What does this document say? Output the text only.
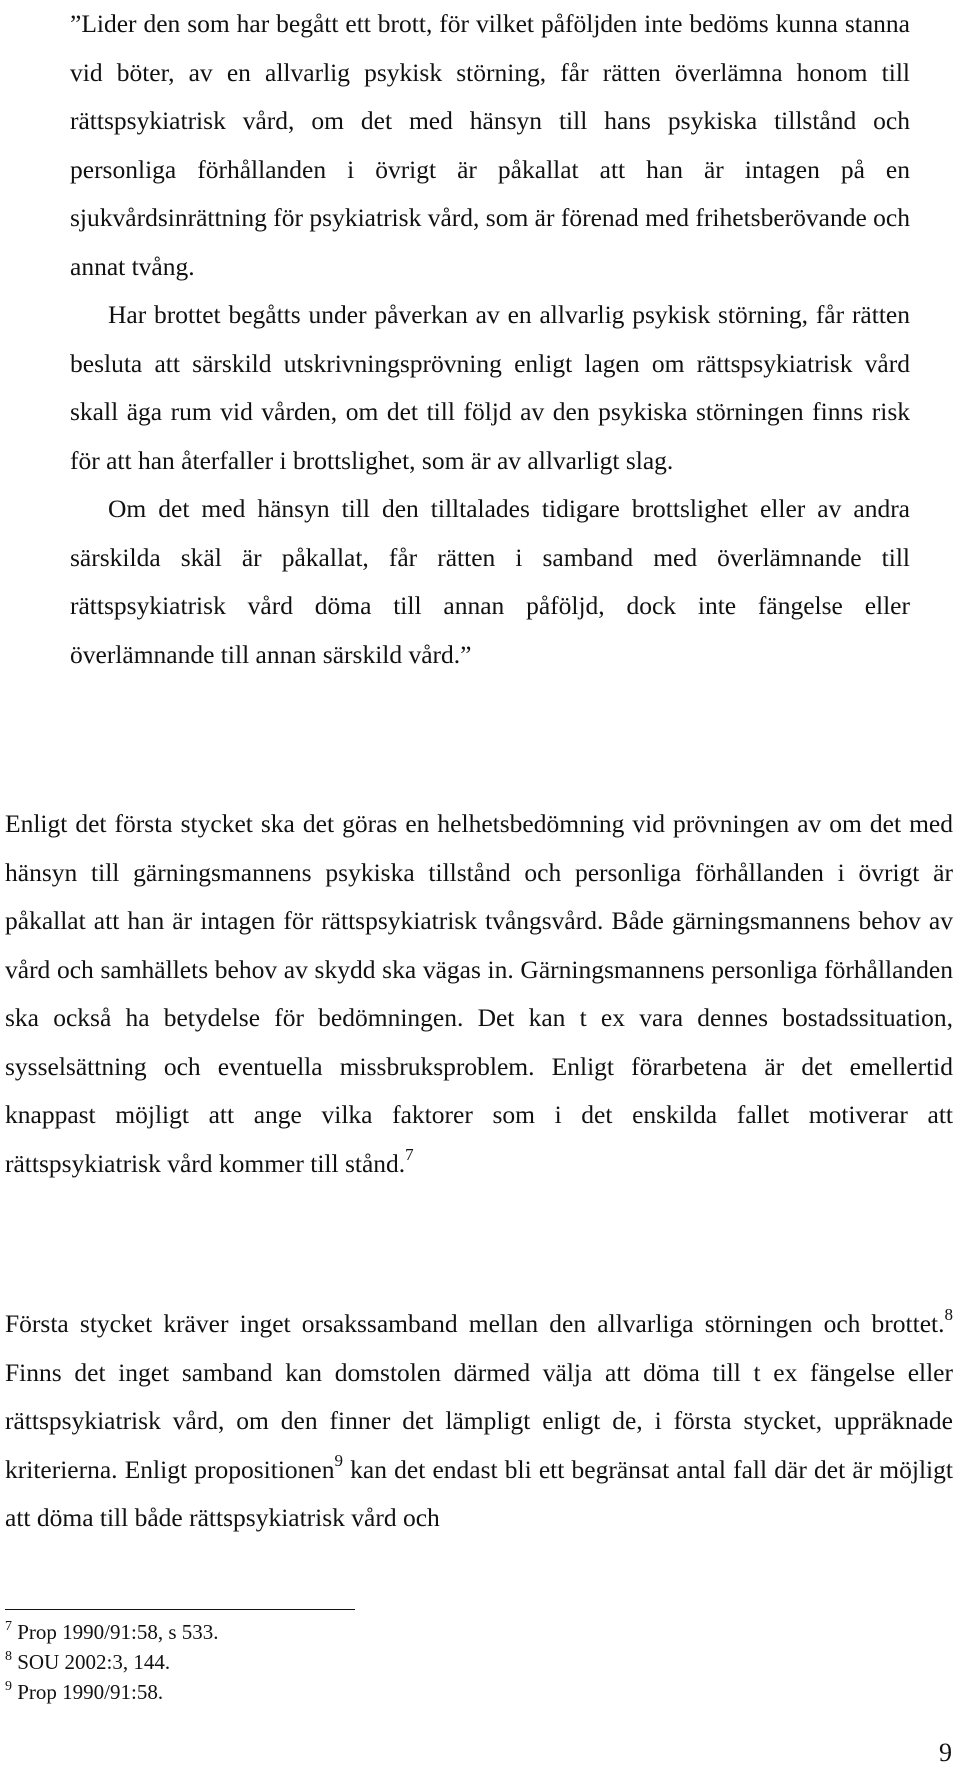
”Lider den som har begått ett brott, för vilket påföljden inte bedöms kunna stanna vid böter, av en allvarlig psykisk störning, får rätten överlämna honom till rättspsykiatrisk vård, om det med hänsyn till hans psykiska tillstånd och personliga förhållanden i övrigt är påkallat att han är intagen på en sjukvårdsinrättning för psykiatrisk vård, som är förenad med frihetsberövande och annat tvång.

Har brottet begåtts under påverkan av en allvarlig psykisk störning, får rätten besluta att särskild utskrivningsprövning enligt lagen om rättspsykiatrisk vård skall äga rum vid vården, om det till följd av den psykiska störningen finns risk för att han återfaller i brottslighet, som är av allvarligt slag.

Om det med hänsyn till den tilltalades tidigare brottslighet eller av andra särskilda skäl är påkallat, får rätten i samband med överlämnande till rättspsykiatrisk vård döma till annan påföljd, dock inte fängelse eller överlämnande till annan särskild vård.”

Enligt det första stycket ska det göras en helhetsbedömning vid prövningen av om det med hänsyn till gärningsmannens psykiska tillstånd och personliga förhållanden i övrigt är påkallat att han är intagen för rättspsykiatrisk tvångsvård. Både gärningsmannens behov av vård och samhällets behov av skydd ska vägas in. Gärningsmannens personliga förhållanden ska också ha betydelse för bedömningen. Det kan t ex vara dennes bostadssituation, sysselsättning och eventuella missbruksproblem. Enligt förarbetena är det emellertid knappast möjligt att ange vilka faktorer som i det enskilda fallet motiverar att rättspsykiatrisk vård kommer till stånd.$^7$

Första stycket kräver inget orsakssamband mellan den allvarliga störningen och brottet.$^8$ Finns det inget samband kan domstolen därmed välja att döma till t ex fängelse eller rättspsykiatrisk vård, om den finner det lämpligt enligt de, i första stycket, uppräknade kriterierna. Enligt propositionen$^9$ kan det endast bli ett begränsat antal fall där det är möjligt att döma till både rättspsykiatrisk vård och

$^7$ Prop 1990/91:58, s 533.
$^8$ SOU 2002:3, 144.
$^9$ Prop 1990/91:58.
9
